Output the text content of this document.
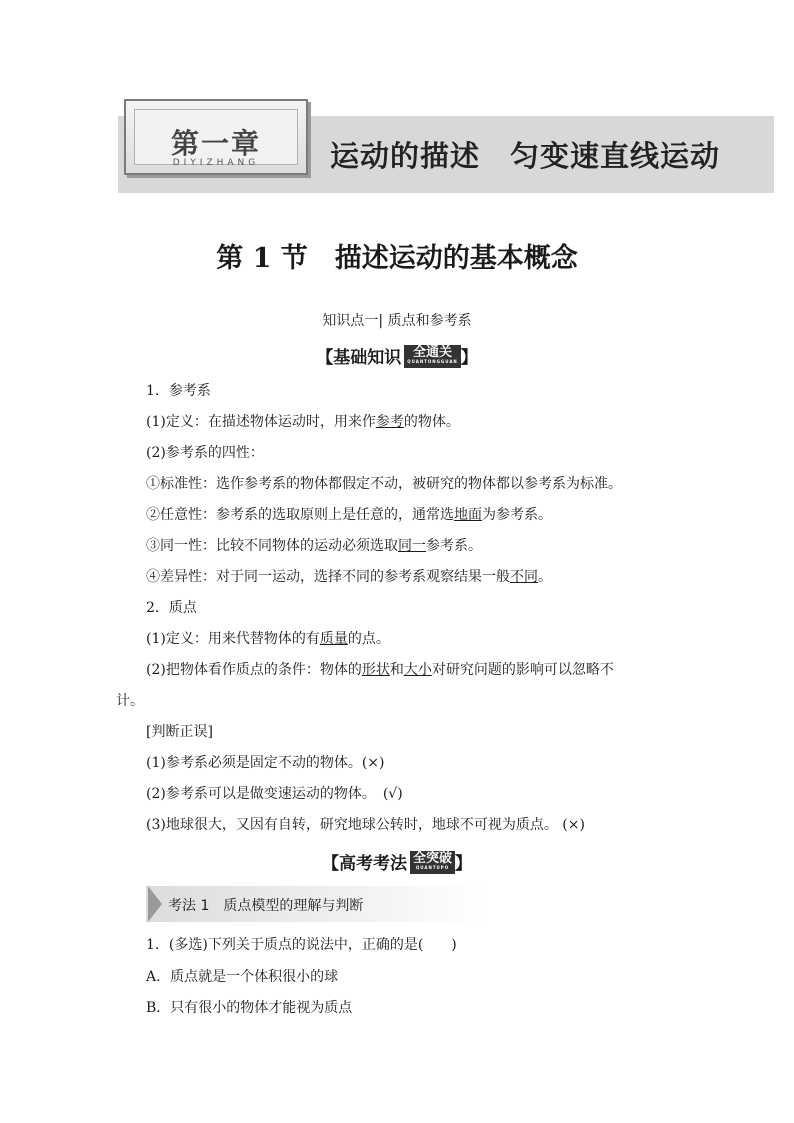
第一章
DIYIZHANG	运动的描述　匀变速直线运动
第 1 节　描述运动的基本概念
知识点一| 质点和参考系
【基础知识 全通关
QUANTONGGUAN 】
1．参考系
(1)定义：在描述物体运动时，用来作参考的物体。
(2)参考系的四性：
①标准性：选作参考系的物体都假定不动，被研究的物体都以参考系为标准。
②任意性：参考系的选取原则上是任意的，通常选地面为参考系。
③同一性：比较不同物体的运动必须选取同一参考系。
④差异性：对于同一运动，选择不同的参考系观察结果一般不同。
2．质点
(1)定义：用来代替物体的有质量的点。
(2)把物体看作质点的条件：物体的形状和大小对研究问题的影响可以忽略不
计。
[判断正误]
(1)参考系必须是固定不动的物体。(×)
(2)参考系可以是做变速运动的物体。　(√)
(3)地球很大，又因有自转，研究地球公转时，地球不可视为质点。 (×)
【高考考法 全突破
QUANTUPO 】
考法 1　质点模型的理解与判断
1．(多选)下列关于质点的说法中，正确的是(　　)
A．质点就是一个体积很小的球
B．只有很小的物体才能视为质点
